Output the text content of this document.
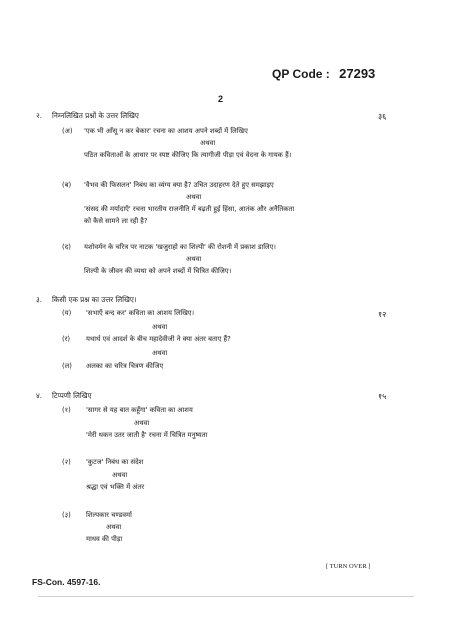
QP Code : 27293
2
२. निम्नलिखित प्रश्नों के उत्तर लिखिए	३६
(अ) 'एक भी आँसू न कर बेकार' रचना का आशय अपने शब्दों में लिखिए
अथवा
पठित कविताओं के आधार पर स्पष्ट कीजिए कि त्यागीजी पीड़ा एवं वेदना के गायक हैं।
(ब) 'वैभव की फिसलन' निबंध का व्यंग्य क्या है? उचित उदाहरण देते हुए समझाइए
अथवा
'संसद की मर्यादाएँ' रचना भारतीय राजनीति में बढ़ती हुई हिंसा, आतंक और अनैतिकता
को कैसे सामने ला रही है?
(द) यशोवर्मन के चरित्र पर नाटक 'खजुराहो का शिल्पी' की रोशनी में प्रकाश डालिए।
अथवा
शिल्पी के जीवन की व्यथा को अपने शब्दों में चित्रित कीजिए।
३. किसी एक प्रश्न का उत्तर लिखिए।
१२
(य) 'सभाएँ बन्द कर' कविता का आशय लिखिए।
अथवा
(र) यथार्थ एवं आदर्श के बीच महादेवीजी ने क्या अंतर बताए हैं?
अथवा
(ल) अलका का चरित्र चित्रण कीजिए
४. टिप्पणी लिखिए	१५
(१) 'सागर से यह बात कहूँगा' कविता का आशय
अथवा
'मेरी थकन उतर जाती है' रचना में चित्रित मनुष्यता
(२) 'कुटज' निबंध का संदेश
अथवा
श्रद्धा एवं भक्ति में अंतर
(३) शिल्पकार चण्डवर्मा
अथवा
माधव की पीड़ा
[ TURN OVER ]
FS-Con. 4597-16.
